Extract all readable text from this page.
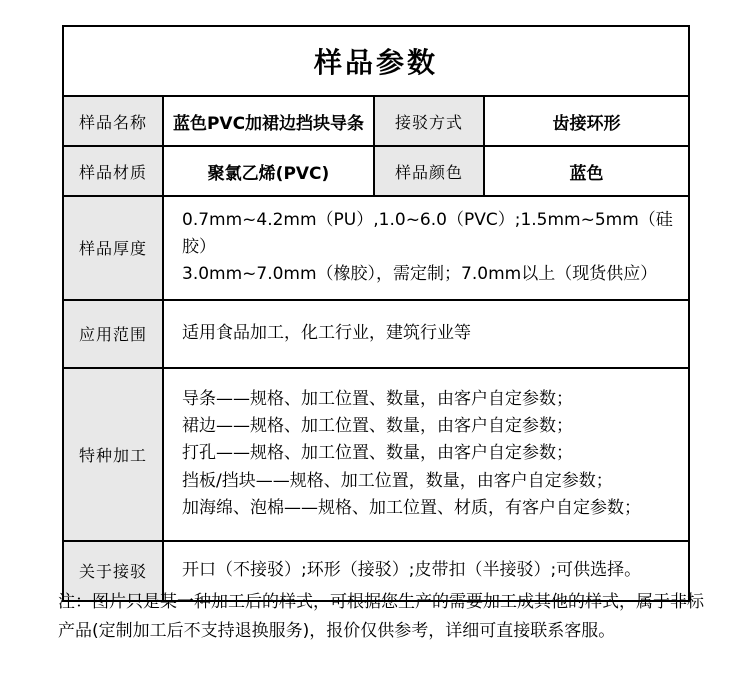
样品参数			
样品名称	蓝色PVC加裙边挡块导条	接驳方式	齿接环形
样品材质	聚氯乙烯(PVC)	样品颜色	蓝色
样品厚度	0.7mm~4.2mm（PU）,1.0~6.0（PVC）;1.5mm~5mm（硅胶）
3.0mm~7.0mm（橡胶），需定制；7.0mm以上（现货供应）		

应用范围	适用食品加工，化工行业，建筑行业等		
特种加工	导条——规格、加工位置、数量，由客户自定参数；
裙边——规格、加工位置、数量，由客户自定参数；
打孔——规格、加工位置、数量，由客户自定参数；
挡板/挡块——规格、加工位置，数量，由客户自定参数；
加海绵、泡棉——规格、加工位置、材质，有客户自定参数；		

关于接驳	开口（不接驳）;环形（接驳）;皮带扣（半接驳）;可供选择。		
注：图片只是某一种加工后的样式，可根据您生产的需要加工成其他的样式，属于非标产品(定制加工后不支持退换服务)，报价仅供参考，详细可直接联系客服。
